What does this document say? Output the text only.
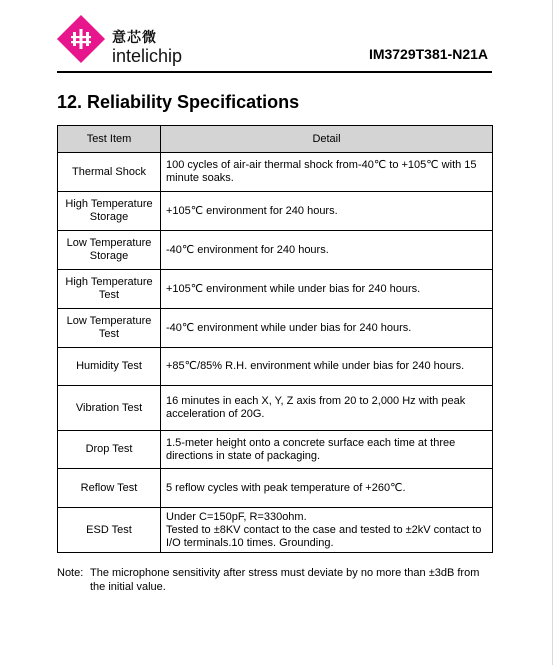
意芯微
intelichip	IM3729T381-N21A
12. Reliability Specifications
Test Item	Detail
Thermal Shock	100 cycles of air-air thermal shock from-40℃ to +105℃ with 15 minute soaks.
High Temperature
Storage	+105℃ environment for 240 hours.
Low Temperature
Storage	-40℃ environment for 240 hours.
High Temperature
Test	+105℃ environment while under bias for 240 hours.
Low Temperature
Test	-40℃ environment while under bias for 240 hours.
Humidity Test	+85℃/85% R.H. environment while under bias for 240 hours.
Vibration Test	16 minutes in each X, Y, Z axis from 20 to 2,000 Hz with peak acceleration of 20G.
Drop Test	1.5-meter height onto a concrete surface each time at three directions in state of packaging.
Reflow Test	5 reflow cycles with peak temperature of +260℃.
ESD Test	Under C=150pF, R=330ohm.
Tested to ±8KV contact to the case and tested to ±2kV contact to I/O terminals.10 times. Grounding.
Note: The microphone sensitivity after stress must deviate by no more than ±3dB from the initial value.
